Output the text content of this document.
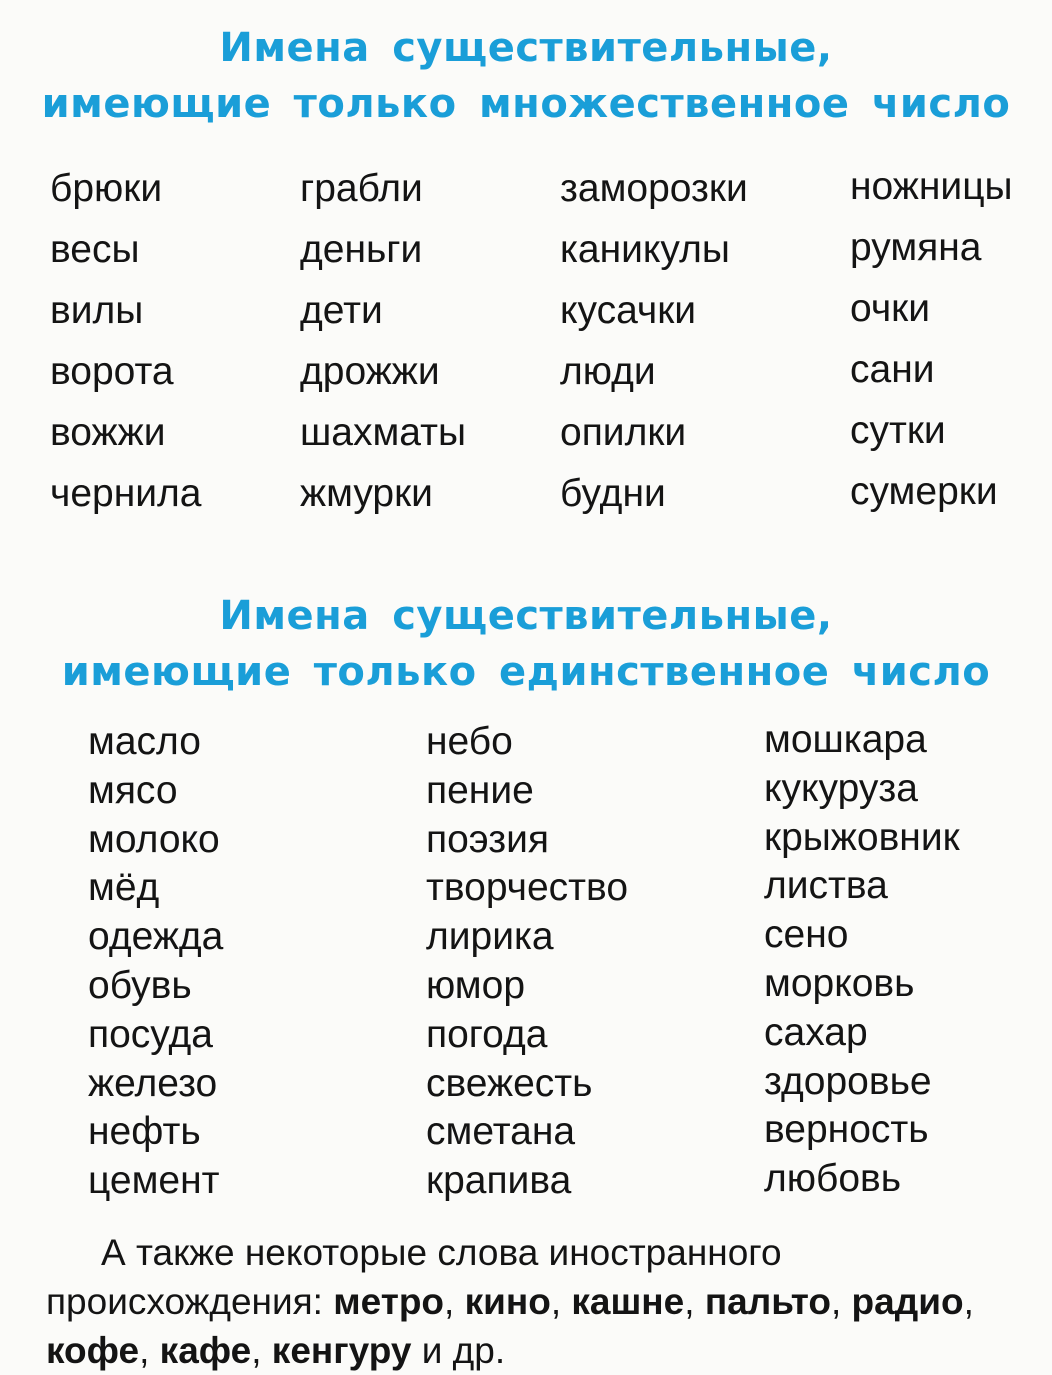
Имена существительные,
имеющие только множественное число
брюки
весы
вилы
ворота
вожжи
чернила
грабли
деньги
дети
дрожжи
шахматы
жмурки
заморозки
каникулы
кусачки
люди
опилки
будни
ножницы
румяна
очки
сани
сутки
сумерки
Имена существительные,
имеющие только единственное число
масло
мясо
молоко
мёд
одежда
обувь
посуда
железо
нефть
цемент
небо
пение
поэзия
творчество
лирика
юмор
погода
свежесть
сметана
крапива
мошкара
кукуруза
крыжовник
листва
сено
морковь
сахар
здоровье
верность
любовь

А также некоторые слова иностранного происхождения: метро, кино, кашне, пальто, радио, кофе, кафе, кенгуру и др.
